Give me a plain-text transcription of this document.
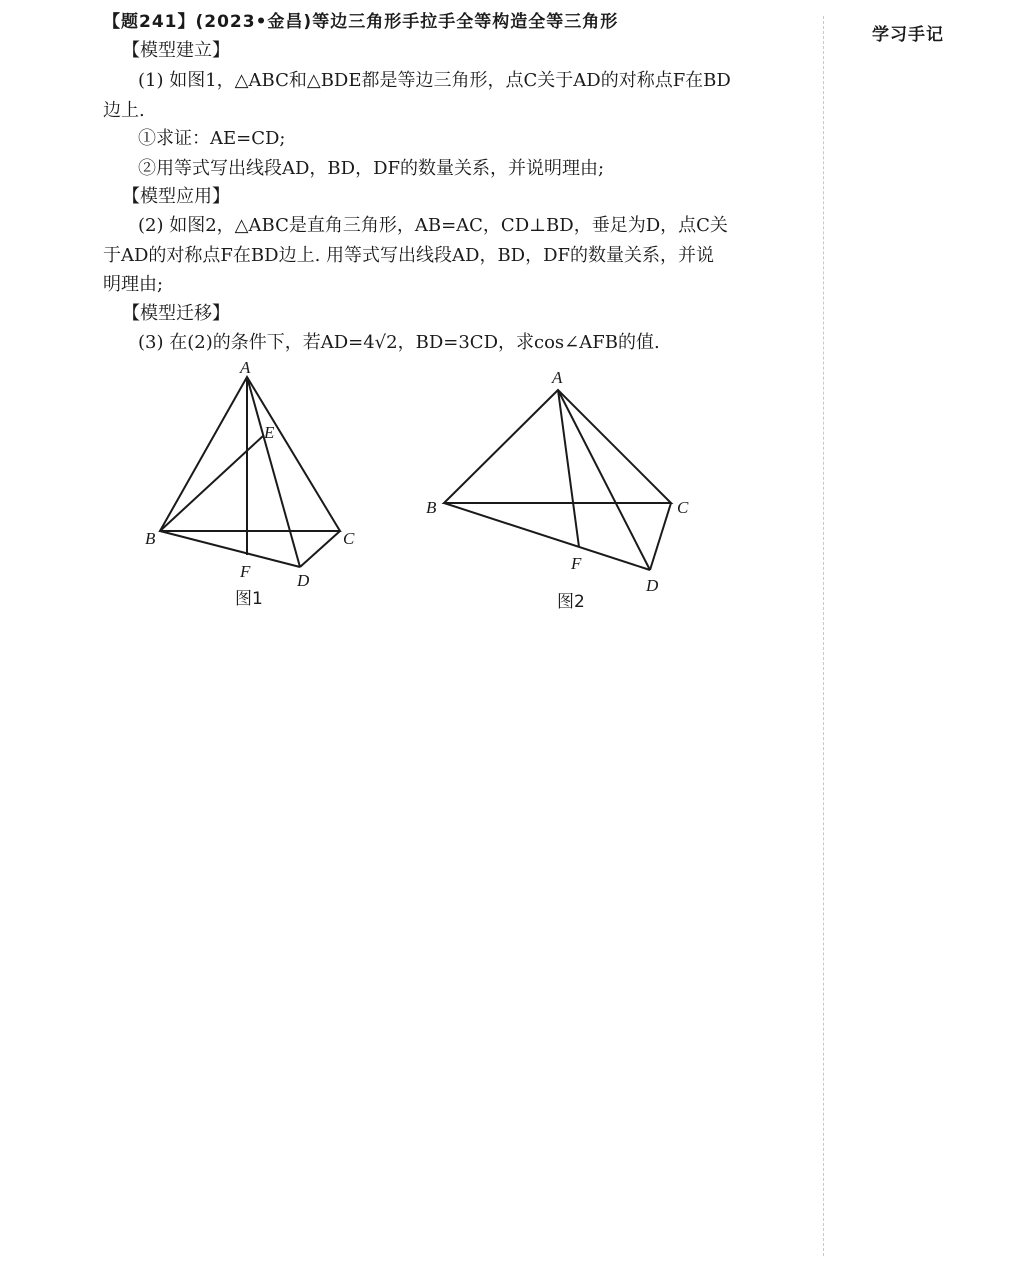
学习手记
【题241】(2023•金昌)等边三角形手拉手全等构造全等三角形
【模型建立】
(1) 如图1，△ABC和△BDE都是等边三角形，点C关于AD的对称点F在BD
边上.
①求证：AE=CD;
②用等式写出线段AD，BD，DF的数量关系，并说明理由;
【模型应用】
(2) 如图2，△ABC是直角三角形，AB=AC，CD⊥BD，垂足为D，点C关
于AD的对称点F在BD边上. 用等式写出线段AD，BD，DF的数量关系，并说
明理由;
【模型迁移】
(3) 在(2)的条件下，若AD=4√2，BD=3CD，求cos∠AFB的值.
A
B	C
D
E
F
图1
A
B	C
D
F
图2
